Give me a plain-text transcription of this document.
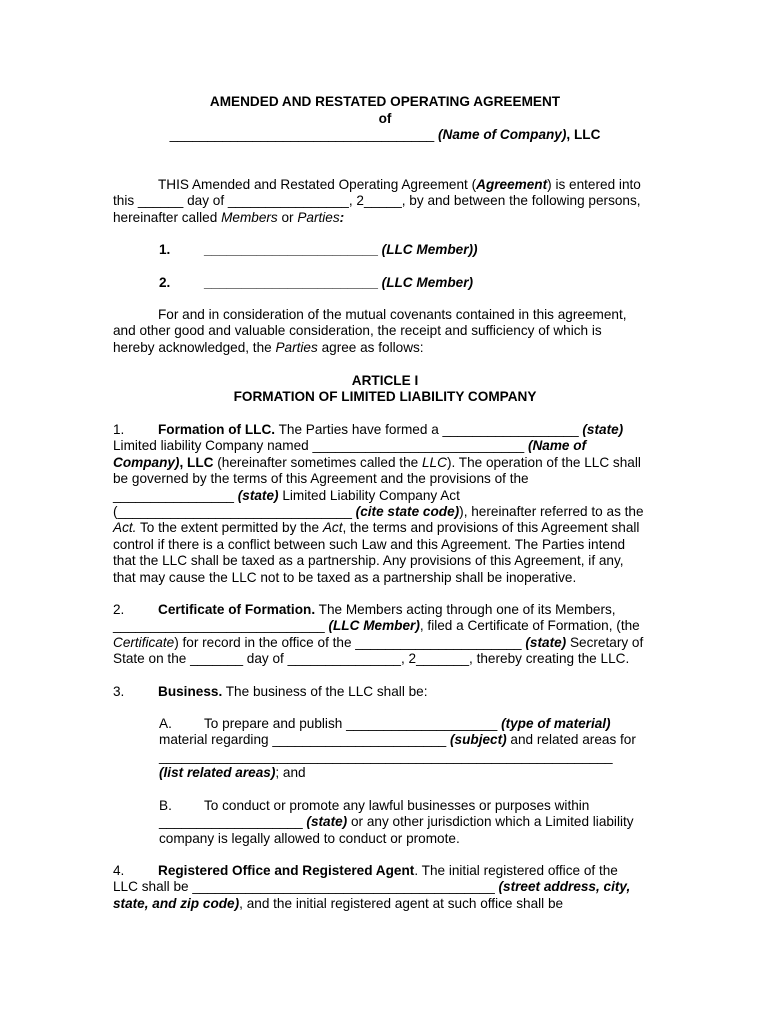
AMENDED AND RESTATED OPERATING AGREEMENT
of
___________________________________ (Name of Company), LLC
THIS Amended and Restated Operating Agreement (Agreement) is entered into
this ______ day of ________________, 2_____, by and between the following persons,
hereinafter called Members or Parties:
1. _______________________ (LLC Member))
2. _______________________ (LLC Member)
For and in consideration of the mutual covenants contained in this agreement,
and other good and valuable consideration, the receipt and sufficiency of which is
hereby acknowledged, the Parties agree as follows:
ARTICLE I
FORMATION OF LIMITED LIABILITY COMPANY
1. Formation of LLC. The Parties have formed a __________________ (state)
Limited liability Company named ____________________________ (Name of
Company), LLC (hereinafter sometimes called the LLC). The operation of the LLC shall
be governed by the terms of this Agreement and the provisions of the
________________ (state) Limited Liability Company Act
(_______________________________ (cite state code)), hereinafter referred to as the
Act. To the extent permitted by the Act, the terms and provisions of this Agreement shall
control if there is a conflict between such Law and this Agreement. The Parties intend
that the LLC shall be taxed as a partnership. Any provisions of this Agreement, if any,
that may cause the LLC not to be taxed as a partnership shall be inoperative.
2. Certificate of Formation. The Members acting through one of its Members,
____________________________ (LLC Member), filed a Certificate of Formation, (the
Certificate) for record in the office of the ______________________ (state) Secretary of
State on the _______ day of _______________, 2_______, thereby creating the LLC.
3. Business. The business of the LLC shall be:
A. To prepare and publish ____________________ (type of material)
material regarding _______________________ (subject) and related areas for
____________________________________________________________
(list related areas); and
B. To conduct or promote any lawful businesses or purposes within
___________________ (state) or any other jurisdiction which a Limited liability
company is legally allowed to conduct or promote.
4. Registered Office and Registered Agent. The initial registered office of the
LLC shall be ________________________________________ (street address, city,
state, and zip code), and the initial registered agent at such office shall be
